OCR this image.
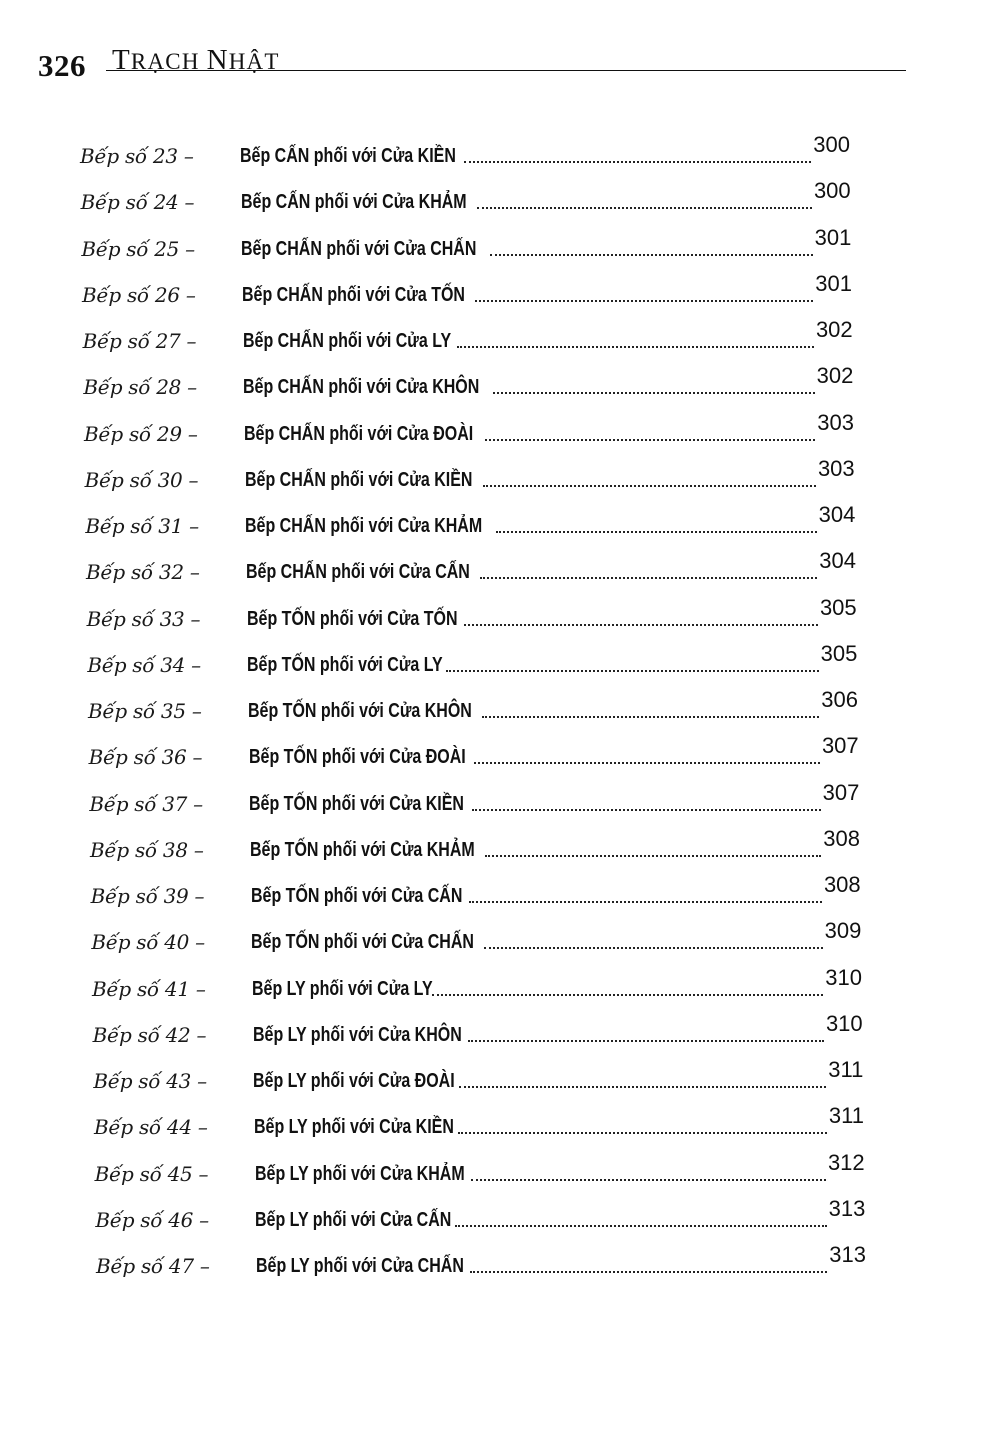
326 TRẠCH NHẬT
Bếp số 23 –	Bếp CẤN phối với Cửa KIỀN	300
Bếp số 24 –	Bếp CẤN phối với Cửa KHẢM	300
Bếp số 25 –	Bếp CHẤN phối với Cửa CHẤN	301
Bếp số 26 –	Bếp CHẤN phối với Cửa TỐN	301
Bếp số 27 –	Bếp CHẤN phối với Cửa LY	302
Bếp số 28 –	Bếp CHẤN phối với Cửa KHÔN	302
Bếp số 29 –	Bếp CHẤN phối với Cửa ĐOÀI	303
Bếp số 30 –	Bếp CHẤN phối với Cửa KIỀN	303
Bếp số 31 –	Bếp CHẤN phối với Cửa KHẢM	304
Bếp số 32 –	Bếp CHẤN phối với Cửa CẤN	304
Bếp số 33 –	Bếp TỐN phối với Cửa TỐN	305
Bếp số 34 –	Bếp TỐN phối với Cửa LY	305
Bếp số 35 –	Bếp TỐN phối với Cửa KHÔN	306
Bếp số 36 –	Bếp TỐN phối với Cửa ĐOÀI	307
Bếp số 37 –	Bếp TỐN phối với Cửa KIỀN	307
Bếp số 38 –	Bếp TỐN phối với Cửa KHẢM	308
Bếp số 39 –	Bếp TỐN phối với Cửa CẤN	308
Bếp số 40 –	Bếp TỐN phối với Cửa CHẤN	309
Bếp số 41 –	Bếp LY phối với Cửa LY	310
Bếp số 42 –	Bếp LY phối với Cửa KHÔN	310
Bếp số 43 –	Bếp LY phối với Cửa ĐOÀI	311
Bếp số 44 –	Bếp LY phối với Cửa KIỀN	311
Bếp số 45 –	Bếp LY phối với Cửa KHẢM	312
Bếp số 46 –	Bếp LY phối với Cửa CẤN	313
Bếp số 47 –	Bếp LY phối với Cửa CHẤN	313
